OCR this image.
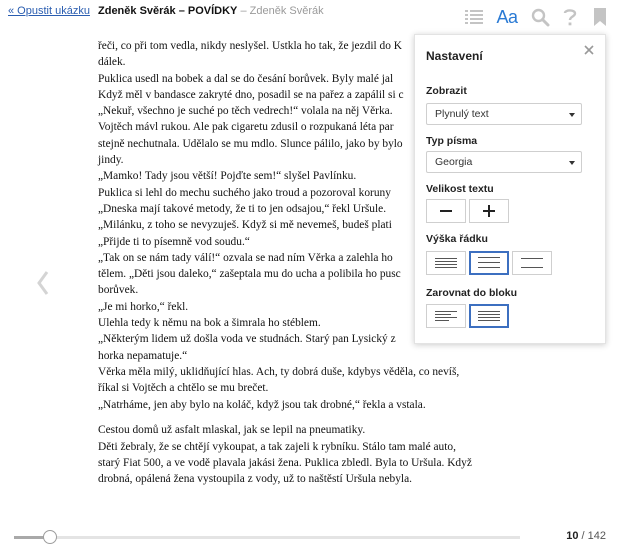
« Opustit ukázku Zdeněk Svěrák – POVÍDKY – Zdeněk Svěrák	Aa

řeči, co při tom vedla, nikdy neslyšel. Ustkla ho tak, že jezdil do K

dálek.

Puklica usedl na bobek a dal se do česání borůvek. Byly malé jal

Když měl v bandasce zakryté dno, posadil se na pařez a zapálil si c

„Nekuř, všechno je suché po těch vedrech!“ volala na něj Věrka.

Vojtěch mávl rukou. Ale pak cigaretu zdusil o rozpukaná léta par

stejně nechutnala. Udělalo se mu mdlo. Slunce pálilo, jako by bylo

jindy.

„Mamko! Tady jsou větší! Pojďte sem!“ slyšel Pavlínku.

Puklica si lehl do mechu suchého jako troud a pozoroval koruny

„Dneska mají takové metody, že ti to jen odsajou,“ řekl Uršule.

„Milánku, z toho se nevyzuješ. Když si mě nevemeš, budeš plati

„Přijde ti to písemně vod soudu.“

„Tak on se nám tady válí!“ ozvala se nad ním Věrka a zalehla ho

tělem. „Děti jsou daleko,“ zašeptala mu do ucha a polibila ho pusc

borůvek.

„Je mi horko,“ řekl.

Ulehla tedy k němu na bok a šimrala ho stéblem.

„Některým lidem už došla voda ve studnách. Starý pan Lysický z

horka nepamatuje.“

Věrka měla milý, uklidňující hlas. Ach, ty dobrá duše, kdybys věděla, co nevíš,

říkal si Vojtěch a chtělo se mu brečet.

„Natrháme, jen aby bylo na koláč, když jsou tak drobné,“ řekla a vstala.

Cestou domů už asfalt mlaskal, jak se lepil na pneumatiky.

Děti žebraly, že se chtějí vykoupat, a tak zajeli k rybníku. Stálo tam malé auto,

starý Fiat 500, a ve vodě plavala jakási žena. Puklica zbledl. Byla to Uršula. Když

drobná, opálená žena vystoupila z vody, už to naštěstí Uršula nebyla.

Nastavení
Zobrazit
Plynulý text
Typ písma
Georgia
Velikost textu
Výška řádku
Zarovnat do bloku
10 / 142
